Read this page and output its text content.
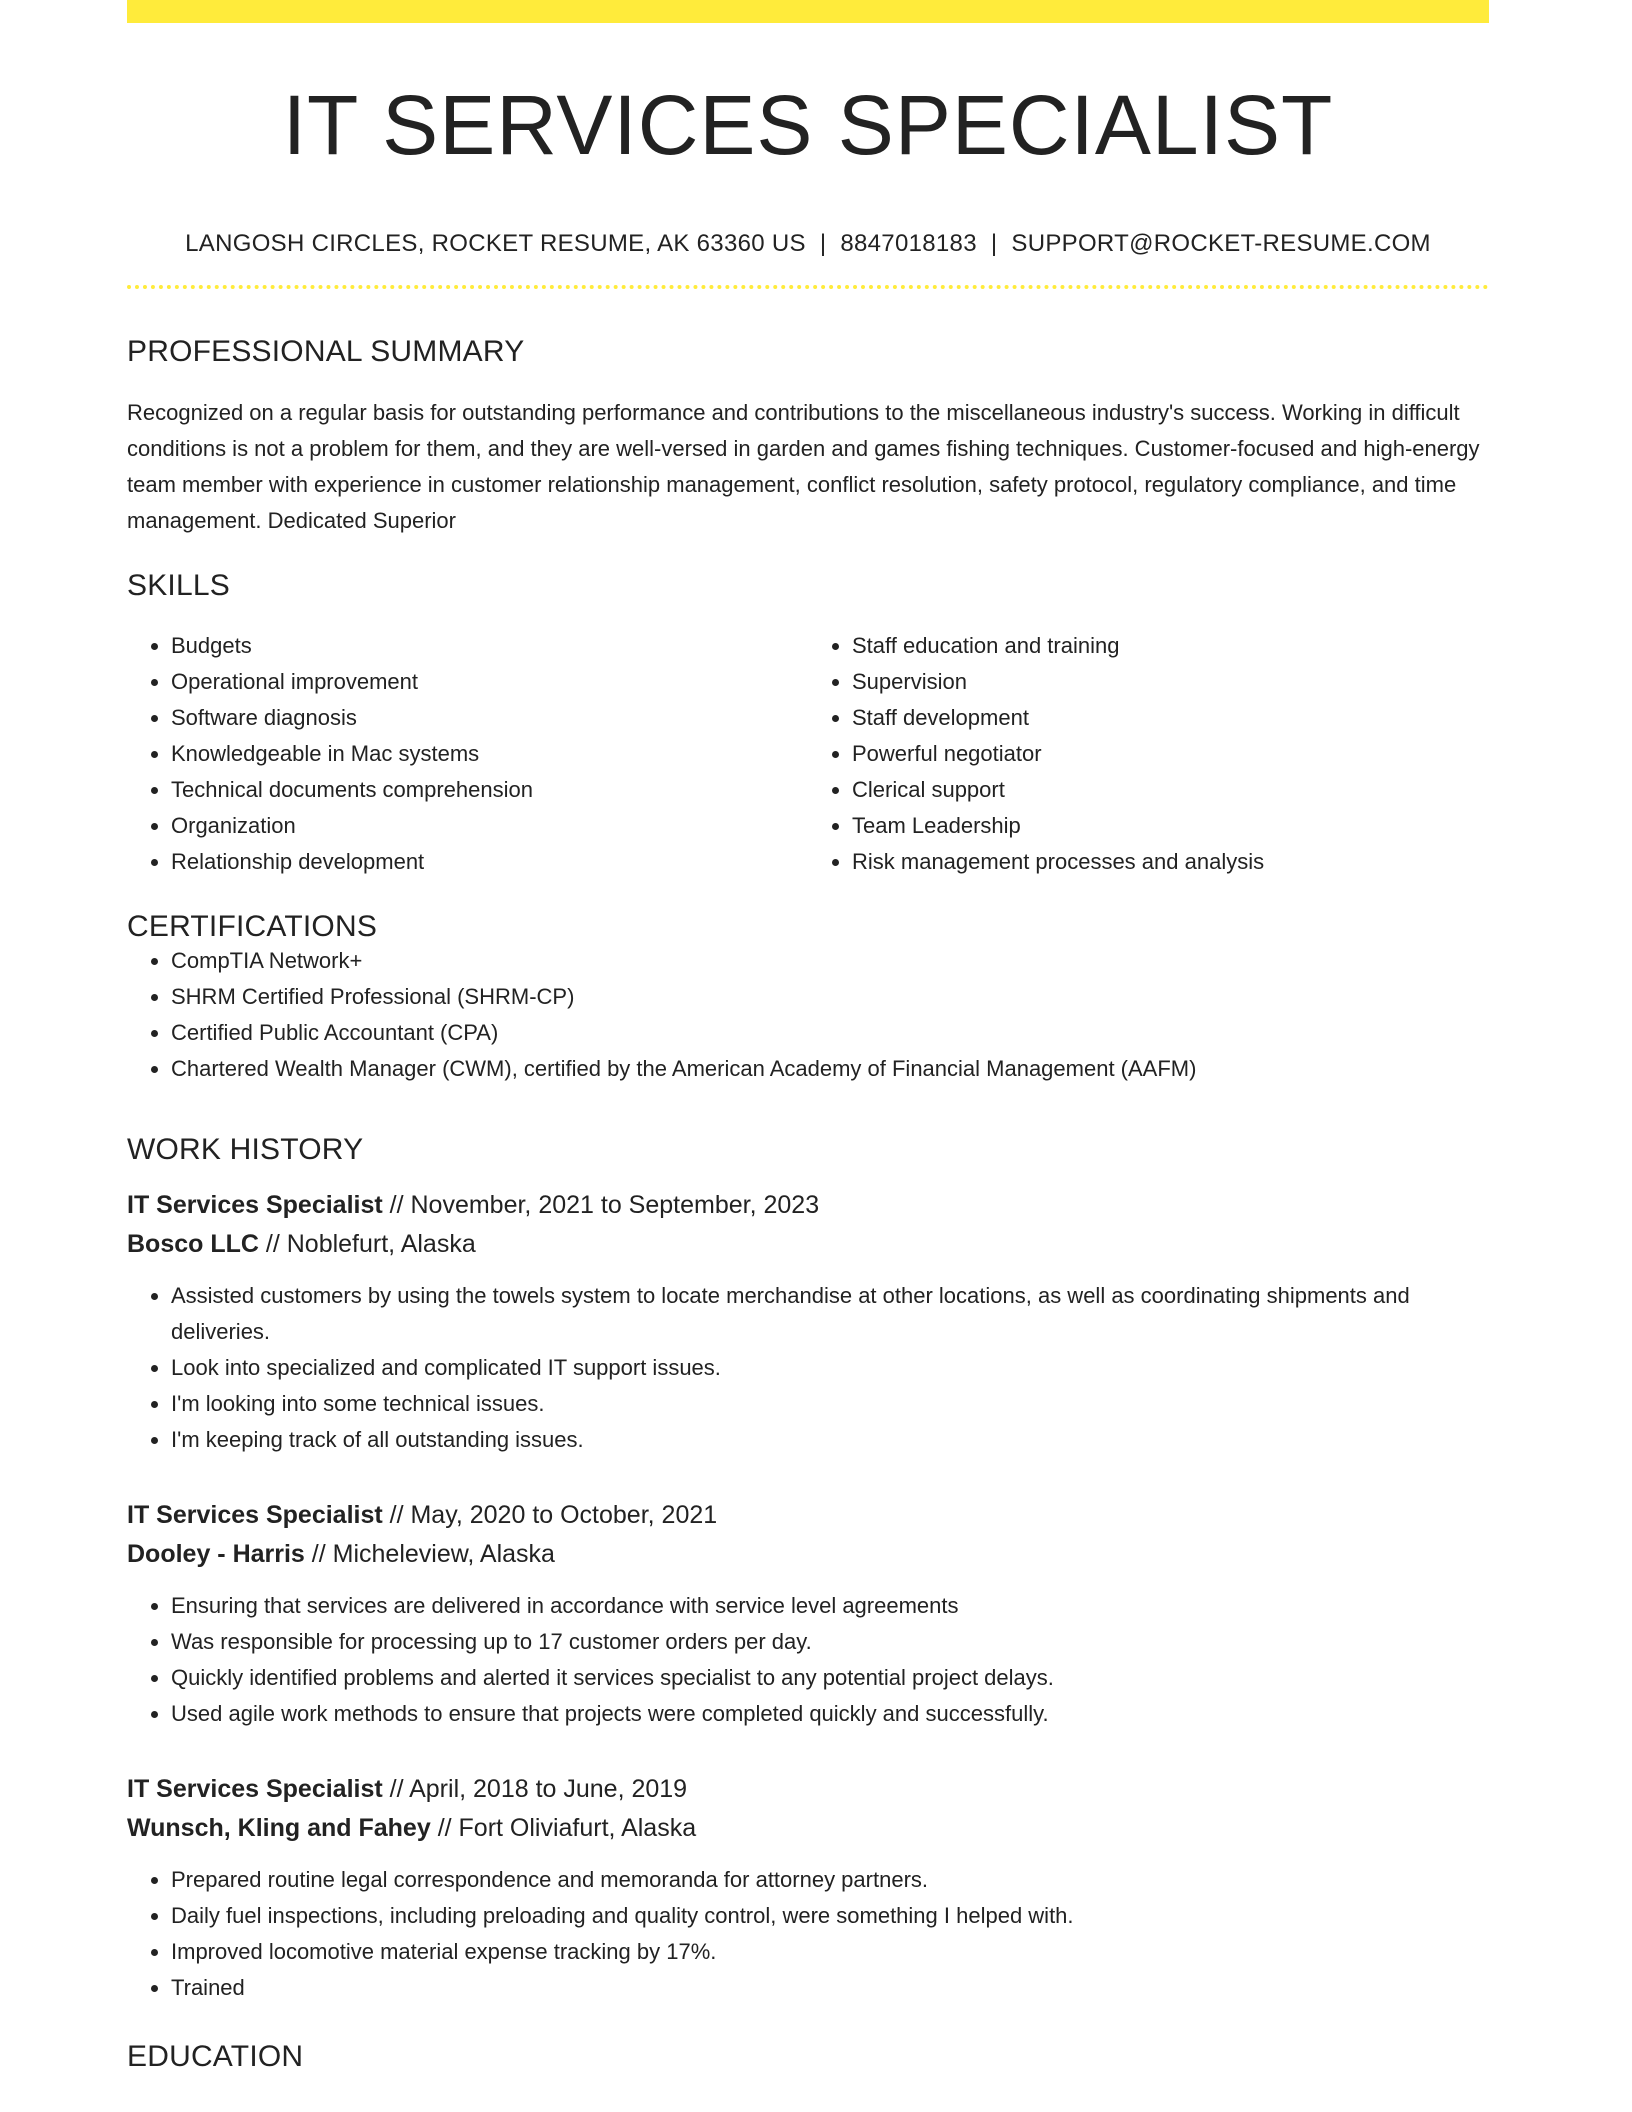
IT SERVICES SPECIALIST
LANGOSH CIRCLES, ROCKET RESUME, AK 63360 US | 8847018183 | SUPPORT@ROCKET-RESUME.COM
PROFESSIONAL SUMMARY
Recognized on a regular basis for outstanding performance and contributions to the miscellaneous industry's success. Working in difficult conditions is not a problem for them, and they are well-versed in garden and games fishing techniques. Customer-focused and high-energy team member with experience in customer relationship management, conflict resolution, safety protocol, regulatory compliance, and time management. Dedicated Superior
SKILLS
• Budgets
• Operational improvement
• Software diagnosis
• Knowledgeable in Mac systems
• Technical documents comprehension
• Organization
• Relationship development
• Staff education and training
• Supervision
• Staff development
• Powerful negotiator
• Clerical support
• Team Leadership
• Risk management processes and analysis
CERTIFICATIONS
• CompTIA Network+
• SHRM Certified Professional (SHRM-CP)
• Certified Public Accountant (CPA)
• Chartered Wealth Manager (CWM), certified by the American Academy of Financial Management (AAFM)
WORK HISTORY
IT Services Specialist // November, 2021 to September, 2023
Bosco LLC // Noblefurt, Alaska
• Assisted customers by using the towels system to locate merchandise at other locations, as well as coordinating shipments and deliveries.
• Look into specialized and complicated IT support issues.
• I'm looking into some technical issues.
• I'm keeping track of all outstanding issues.
IT Services Specialist // May, 2020 to October, 2021
Dooley - Harris // Micheleview, Alaska
• Ensuring that services are delivered in accordance with service level agreements
• Was responsible for processing up to 17 customer orders per day.
• Quickly identified problems and alerted it services specialist to any potential project delays.
• Used agile work methods to ensure that projects were completed quickly and successfully.
IT Services Specialist // April, 2018 to June, 2019
Wunsch, Kling and Fahey // Fort Oliviafurt, Alaska
• Prepared routine legal correspondence and memoranda for attorney partners.
• Daily fuel inspections, including preloading and quality control, were something I helped with.
• Improved locomotive material expense tracking by 17%.
• Trained
EDUCATION
